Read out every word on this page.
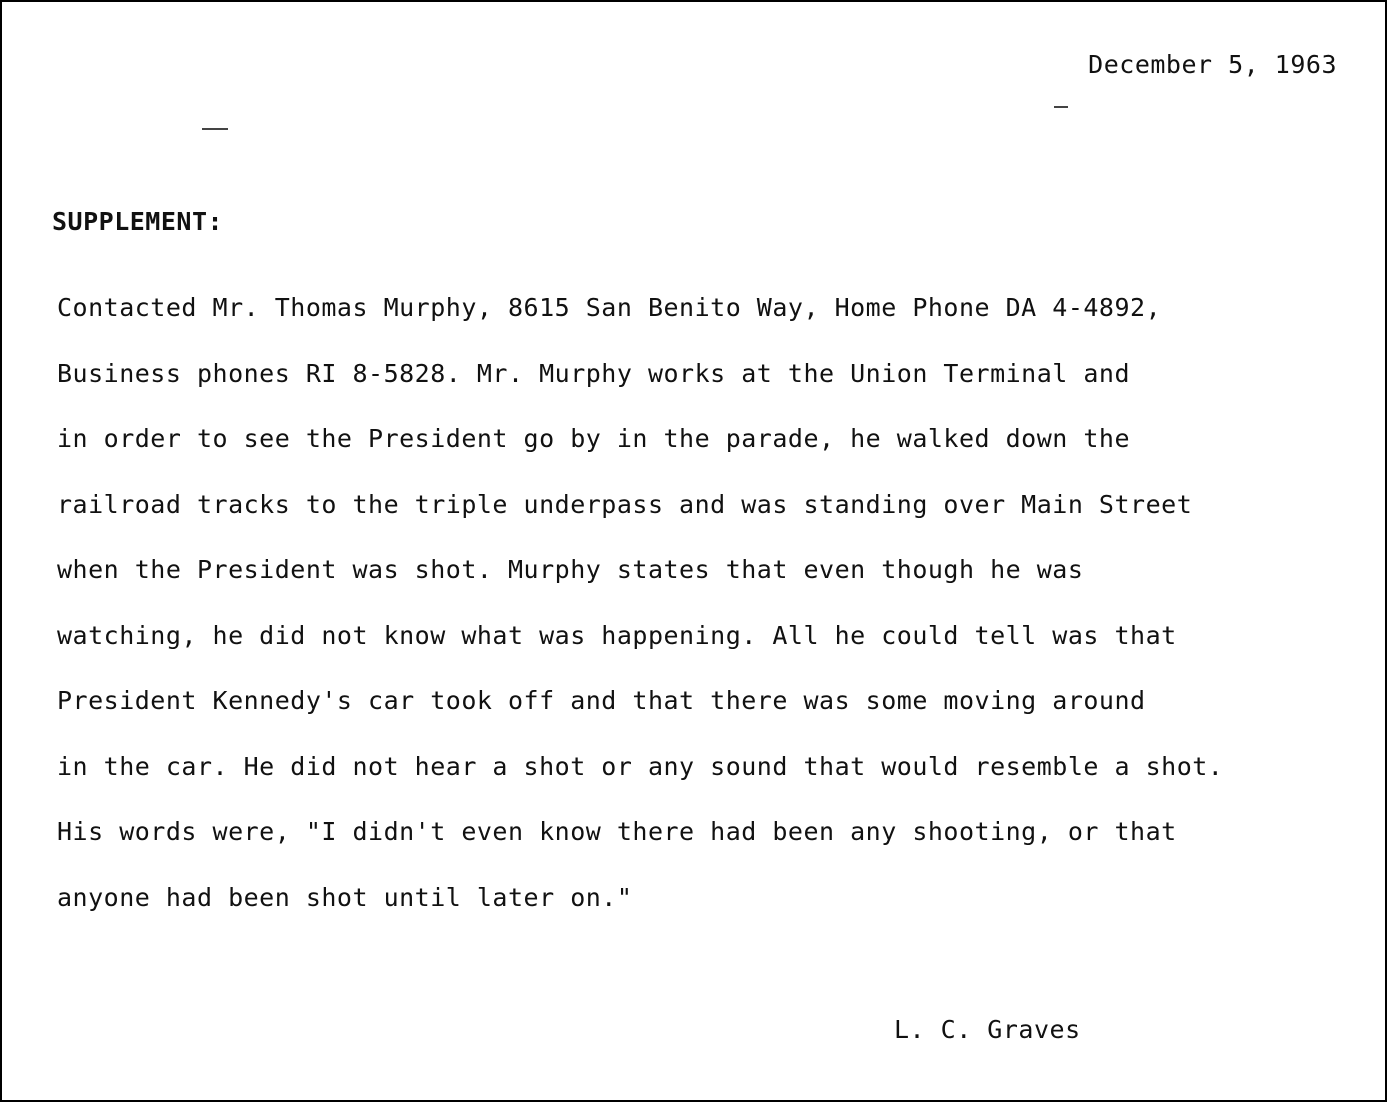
December 5, 1963
SUPPLEMENT:
Contacted Mr. Thomas Murphy, 8615 San Benito Way, Home Phone DA 4-4892,
Business phones RI 8-5828. Mr. Murphy works at the Union Terminal and
in order to see the President go by in the parade, he walked down the
railroad tracks to the triple underpass and was standing over Main Street
when the President was shot. Murphy states that even though he was
watching, he did not know what was happening. All he could tell was that
President Kennedy's car took off and that there was some moving around
in the car. He did not hear a shot or any sound that would resemble a shot.
His words were, "I didn't even know there had been any shooting, or that
anyone had been shot until later on."
L. C. Graves
